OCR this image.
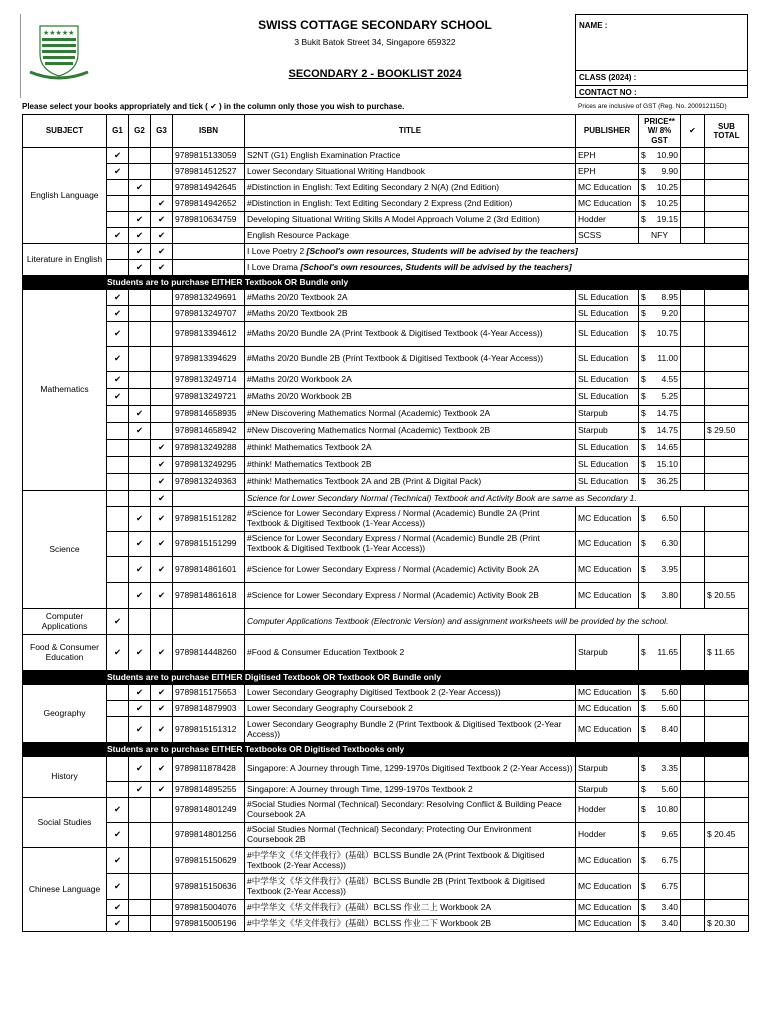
★★★★★
SWISS COTTAGE SECONDARY SCHOOL
3 Bukit Batok Street 34, Singapore 659322
SECONDARY 2 - BOOKLIST 2024
NAME :
CLASS (2024) :
CONTACT NO :
Please select your books appropriately and tick ( ✔ ) in the column only those you wish to purchase.	Prices are inclusive of GST (Reg. No. 200912115D)
SUBJECT	G1	G2	G3	ISBN	TITLE	PUBLISHER	PRICE** W/ 8% GST	✔	SUB TOTAL
English Language	✔			9789815133059	S2NT (G1) English Examination Practice	EPH	$ 10.90		

	✔			9789814512527	Lower Secondary Situational Writing Handbook	EPH	$ 9.90		

		✔		9789814942645	#Distinction in English: Text Editing Secondary 2 N(A) (2nd Edition)	MC Education	$ 10.25		

			✔	9789814942652	#Distinction in English: Text Editing Secondary 2 Express (2nd Edition)	MC Education	$ 10.25		

		✔	✔	9789810634759	Developing Situational Writing Skills A Model Approach Volume 2 (3rd Edition)	Hodder	$ 19.15		

	✔	✔	✔		English Resource Package	SCSS	NFY		
Literature in English		✔	✔		I Love Poetry 2 [School's own resources, Students will be advised by the teachers]				
		✔	✔		I Love Drama [School's own resources, Students will be advised by the teachers]				
Students are to purchase EITHER Textbook OR Bundle only									
Mathematics	✔			9789813249691	#Maths 20/20 Textbook 2A	SL Education	$ 8.95		

	✔			9789813249707	#Maths 20/20 Textbook 2B	SL Education	$ 9.20		

	✔			9789813394612	#Maths 20/20 Bundle 2A (Print Textbook & Digitised Textbook (4-Year Access))	SL Education	$ 10.75		

	✔			9789813394629	#Maths 20/20 Bundle 2B (Print Textbook & Digitised Textbook (4-Year Access))	SL Education	$ 11.00		

	✔			9789813249714	#Maths 20/20 Workbook 2A	SL Education	$ 4.55		

	✔			9789813249721	#Maths 20/20 Workbook 2B	SL Education	$ 5.25		

		✔		9789814658935	#New Discovering Mathematics Normal (Academic) Textbook 2A	Starpub	$ 14.75		

		✔		9789814658942	#New Discovering Mathematics Normal (Academic) Textbook 2B	Starpub	$ 14.75		$ 29.50
			✔	9789813249288	#think! Mathematics Textbook 2A	SL Education	$ 14.65		

			✔	9789813249295	#think! Mathematics Textbook 2B	SL Education	$ 15.10		

			✔	9789813249363	#think! Mathematics Textbook 2A and 2B (Print & Digital Pack)	SL Education	$ 36.25		

Science			✔		Science for Lower Secondary Normal (Technical) Textbook and Activity Book are same as Secondary 1.				
		✔	✔	9789815151282	#Science for Lower Secondary Express / Normal (Academic) Bundle 2A (Print Textbook & Digitised Textbook (1-Year Access))	MC Education	$ 6.50		

		✔	✔	9789815151299	#Science for Lower Secondary Express / Normal (Academic) Bundle 2B (Print Textbook & Digitised Textbook (1-Year Access))	MC Education	$ 6.30		

		✔	✔	9789814861601	#Science for Lower Secondary Express / Normal (Academic) Activity Book 2A	MC Education	$ 3.95		

		✔	✔	9789814861618	#Science for Lower Secondary Express / Normal (Academic) Activity Book 2B	MC Education	$ 3.80		$ 20.55
Computer Applications	✔				Computer Applications Textbook (Electronic Version) and assignment worksheets will be provided by the school.				
Food & Consumer Education	✔	✔	✔	9789814448260	#Food & Consumer Education Textbook 2	Starpub	$ 11.65		$ 11.65
Students are to purchase EITHER Digitised Textbook OR Textbook OR Bundle only									
Geography		✔	✔	9789815175653	Lower Secondary Geography Digitised Textbook 2 (2-Year Access))	MC Education	$ 5.60		

		✔	✔	9789814879903	Lower Secondary Geography Coursebook 2	MC Education	$ 5.60		

		✔	✔	9789815151312	Lower Secondary Geography Bundle 2 (Print Textbook & Digitised Textbook (2-Year Access))	MC Education	$ 8.40		

Students are to purchase EITHER Textbooks OR Digitised Textbooks only									
History		✔	✔	9789811878428	Singapore: A Journey through Time, 1299-1970s Digitised Textbook 2 (2-Year Access))	Starpub	$ 3.35		

		✔	✔	9789814895255	Singapore: A Journey through Time, 1299-1970s Textbook 2	Starpub	$ 5.60		

Social Studies	✔			9789814801249	#Social Studies Normal (Technical) Secondary: Resolving Conflict & Building Peace Coursebook 2A	Hodder	$ 10.80		

	✔			9789814801256	#Social Studies Normal (Technical) Secondary: Protecting Our Environment Coursebook 2B	Hodder	$ 9.65		$ 20.45
Chinese Language	✔			9789815150629	#中学华文《华文伴我行》(基础）BCLSS Bundle 2A (Print Textbook & Digitised Textbook (2-Year Access))	MC Education	$ 6.75		

	✔			9789815150636	#中学华文《华文伴我行》(基础）BCLSS Bundle 2B (Print Textbook & Digitised Textbook (2-Year Access))	MC Education	$ 6.75		

	✔			9789815004076	#中学华文《华文伴我行》(基础）BCLSS 作业二上 Workbook 2A	MC Education	$ 3.40		

	✔			9789815005196	#中学华文《华文伴我行》(基础）BCLSS 作业二下 Workbook 2B	MC Education	$ 3.40		$ 20.30
